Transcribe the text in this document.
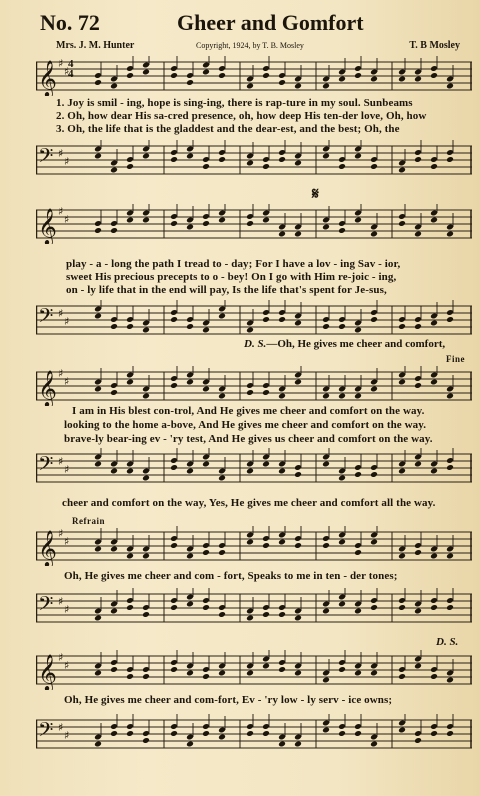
No. 72	Gheer and Gomfort
Mrs. J. M. Hunter	Copyright, 1924, by T. B. Mosley	T. B Mosley
𝄞 ♯
♯
4
4
1. Joy is smil - ing, hope is sing-ing, there is rap-ture in my soul. Sunbeams
2. Oh, how dear His sa-cred presence, oh, how deep His ten-der love, Oh, how
3. Oh, the life that is the gladdest and the dear-est, and the best; Oh, the
𝄢 ♯
♯
𝄋
𝄞 ♯
♯
play - a - long the path I tread to - day; For I have a lov - ing Sav - ior,
sweet His precious precepts to o - bey! On I go with Him re-joic - ing,
on - ly life that in the end will pay, Is the life that's spent for Je-sus,
𝄢 ♯
♯
D. S.—Oh, He gives me cheer and comfort,
Fine
𝄞 ♯
♯
I am in His blest con-trol, And He gives me cheer and comfort on the way.
looking to the home a-bove, And He gives me cheer and comfort on the way.
brave-ly bear-ing ev - 'ry test, And He gives us cheer and comfort on the way.
𝄢 ♯
♯
cheer and comfort on the way, Yes, He gives me cheer and comfort all the way.
Refrain
𝄞 ♯
♯
Oh, He gives me cheer and com - fort, Speaks to me in ten - der tones;
𝄢 ♯
♯
D. S.
𝄞 ♯
♯
Oh, He gives me cheer and com-fort, Ev - 'ry low - ly serv - ice owns;
𝄢 ♯
♯
